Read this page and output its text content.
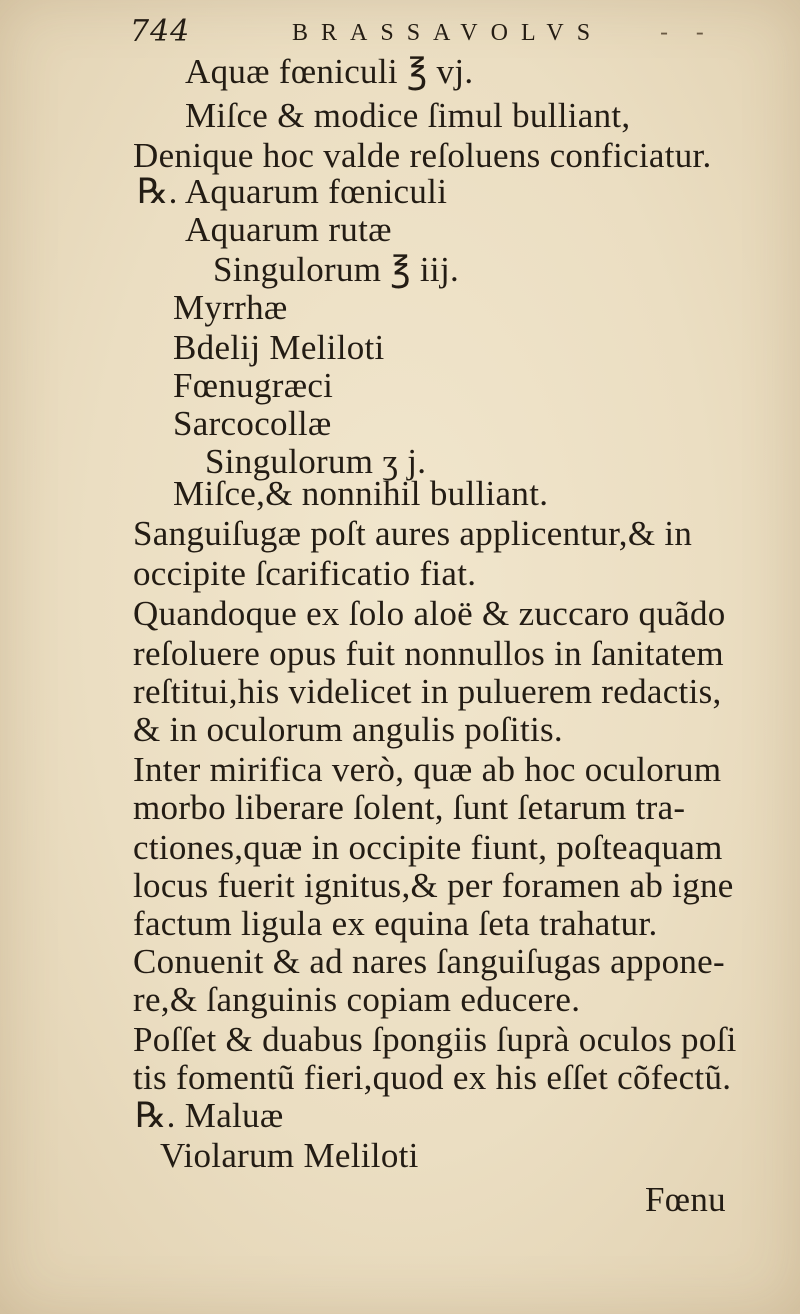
744	BRASSAVOLVS - -
Aquæ fœniculi ℥ vj.
Miſce & modice ſimul bulliant,
Denique hoc valde reſoluens conficiatur.
℞. Aquarum fœniculi
Aquarum rutæ
Singulorum ℥ iij.
Myrrhæ
Bdelij Meliloti
Fœnugræci
Sarcocollæ
Singulorum ʒ j.
Miſce,& nonnihil bulliant.
Sanguiſugæ poſt aures applicentur,& in
occipite ſcarificatio fiat.
Quandoque ex ſolo aloë & zuccaro quãdo
reſoluere opus fuit nonnullos in ſanitatem
reſtitui,his videlicet in puluerem redactis,
& in oculorum angulis poſitis.
Inter mirifica verò, quæ ab hoc oculorum
morbo liberare ſolent, ſunt ſetarum tra-
ctiones,quæ in occipite fiunt, poſteaquam
locus fuerit ignitus,& per foramen ab igne
factum ligula ex equina ſeta trahatur.
Conuenit & ad nares ſanguiſugas appone-
re,& ſanguinis copiam educere.
Poſſet & duabus ſpongiis ſuprà oculos poſi
tis fomentũ fieri,quod ex his eſſet cõfectũ.
℞. Maluæ
Violarum Meliloti
Fœnu
